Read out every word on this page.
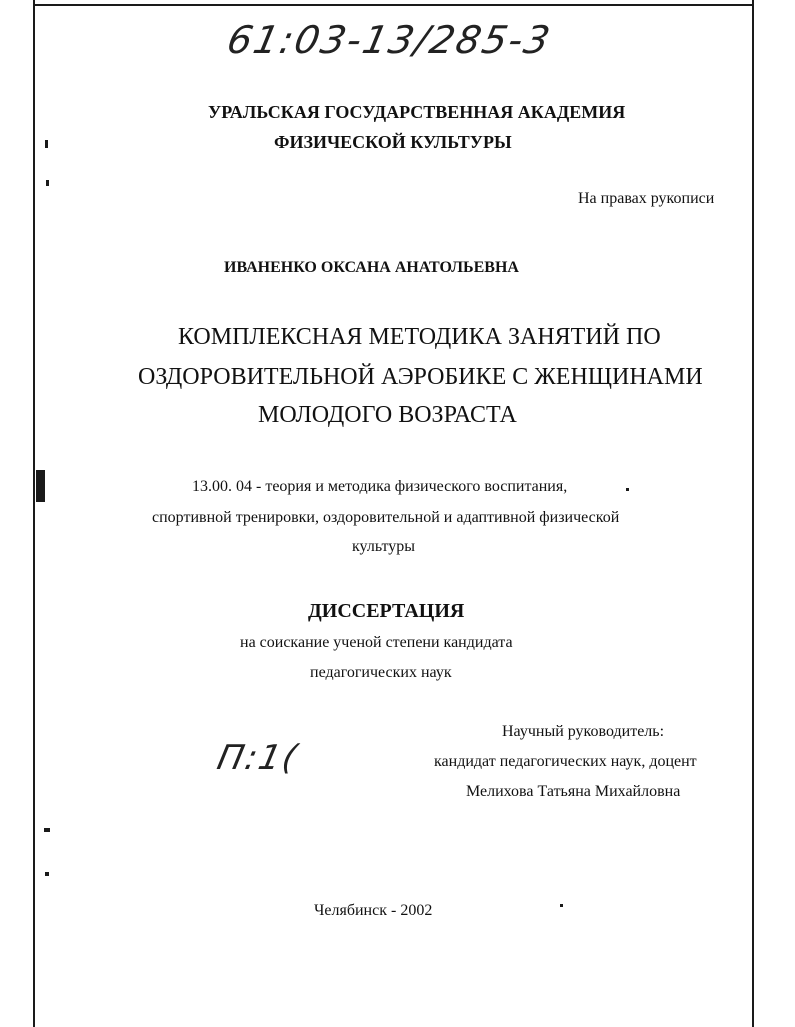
61:03-13/285-3

УРАЛЬСКАЯ ГОСУДАРСТВЕННАЯ АКАДЕМИЯ

ФИЗИЧЕСКОЙ КУЛЬТУРЫ

На правах рукописи

ИВАНЕНКО ОКСАНА АНАТОЛЬЕВНА

КОМПЛЕКСНАЯ МЕТОДИКА ЗАНЯТИЙ ПО

ОЗДОРОВИТЕЛЬНОЙ АЭРОБИКЕ С ЖЕНЩИНАМИ

МОЛОДОГО ВОЗРАСТА

13.00. 04 - теория и методика физического воспитания,

спортивной тренировки, оздоровительной и адаптивной физической

культуры

ДИССЕРТАЦИЯ

на соискание ученой степени кандидата

педагогических наук

П:1(

Научный руководитель:

кандидат педагогических наук, доцент

Мелихова Татьяна Михайловна

Челябинск - 2002
